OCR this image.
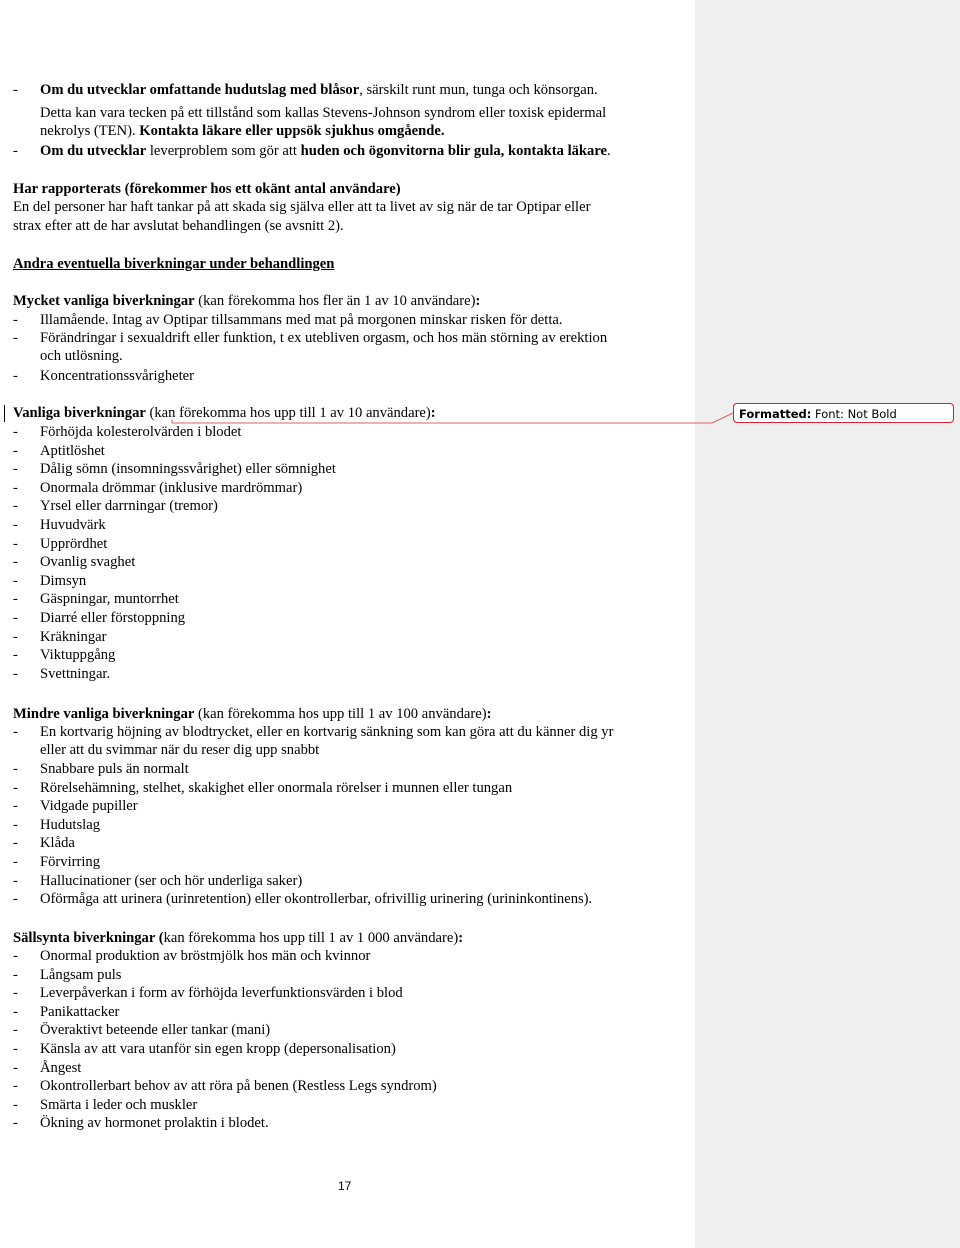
- Om du utvecklar omfattande hudutslag med blåsor, särskilt runt mun, tunga och könsorgan.
Detta kan vara tecken på ett tillstånd som kallas Stevens-Johnson syndrom eller toxisk epidermal
nekrolys (TEN). Kontakta läkare eller uppsök sjukhus omgående.
- Om du utvecklar leverproblem som gör att huden och ögonvitorna blir gula, kontakta läkare.
Har rapporterats (förekommer hos ett okänt antal användare)
En del personer har haft tankar på att skada sig själva eller att ta livet av sig när de tar Optipar eller
strax efter att de har avslutat behandlingen (se avsnitt 2).
Andra eventuella biverkningar under behandlingen
Mycket vanliga biverkningar (kan förekomma hos fler än 1 av 10 användare):
- Illamående. Intag av Optipar tillsammans med mat på morgonen minskar risken för detta.
- Förändringar i sexualdrift eller funktion, t ex utebliven orgasm, och hos män störning av erektion
och utlösning.
- Koncentrationssvårigheter
Vanliga biverkningar (kan förekomma hos upp till 1 av 10 användare):
- Förhöjda kolesterolvärden i blodet
- Aptitlöshet
- Dålig sömn (insomningssvårighet) eller sömnighet
- Onormala drömmar (inklusive mardrömmar)
- Yrsel eller darrningar (tremor)
- Huvudvärk
- Upprördhet
- Ovanlig svaghet
- Dimsyn
- Gäspningar, muntorrhet
- Diarré eller förstoppning
- Kräkningar
- Viktuppgång
- Svettningar.
Mindre vanliga biverkningar (kan förekomma hos upp till 1 av 100 användare):
- En kortvarig höjning av blodtrycket, eller en kortvarig sänkning som kan göra att du känner dig yr
eller att du svimmar när du reser dig upp snabbt
- Snabbare puls än normalt
- Rörelsehämning, stelhet, skakighet eller onormala rörelser i munnen eller tungan
- Vidgade pupiller
- Hudutslag
- Klåda
- Förvirring
- Hallucinationer (ser och hör underliga saker)
- Oförmåga att urinera (urinretention) eller okontrollerbar, ofrivillig urinering (urininkontinens).
Sällsynta biverkningar (kan förekomma hos upp till 1 av 1 000 användare):
- Onormal produktion av bröstmjölk hos män och kvinnor
- Långsam puls
- Leverpåverkan i form av förhöjda leverfunktionsvärden i blod
- Panikattacker
- Överaktivt beteende eller tankar (mani)
- Känsla av att vara utanför sin egen kropp (depersonalisation)
- Ångest
- Okontrollerbart behov av att röra på benen (Restless Legs syndrom)
- Smärta i leder och muskler
- Ökning av hormonet prolaktin i blodet.
Formatted: Font: Not Bold
17
